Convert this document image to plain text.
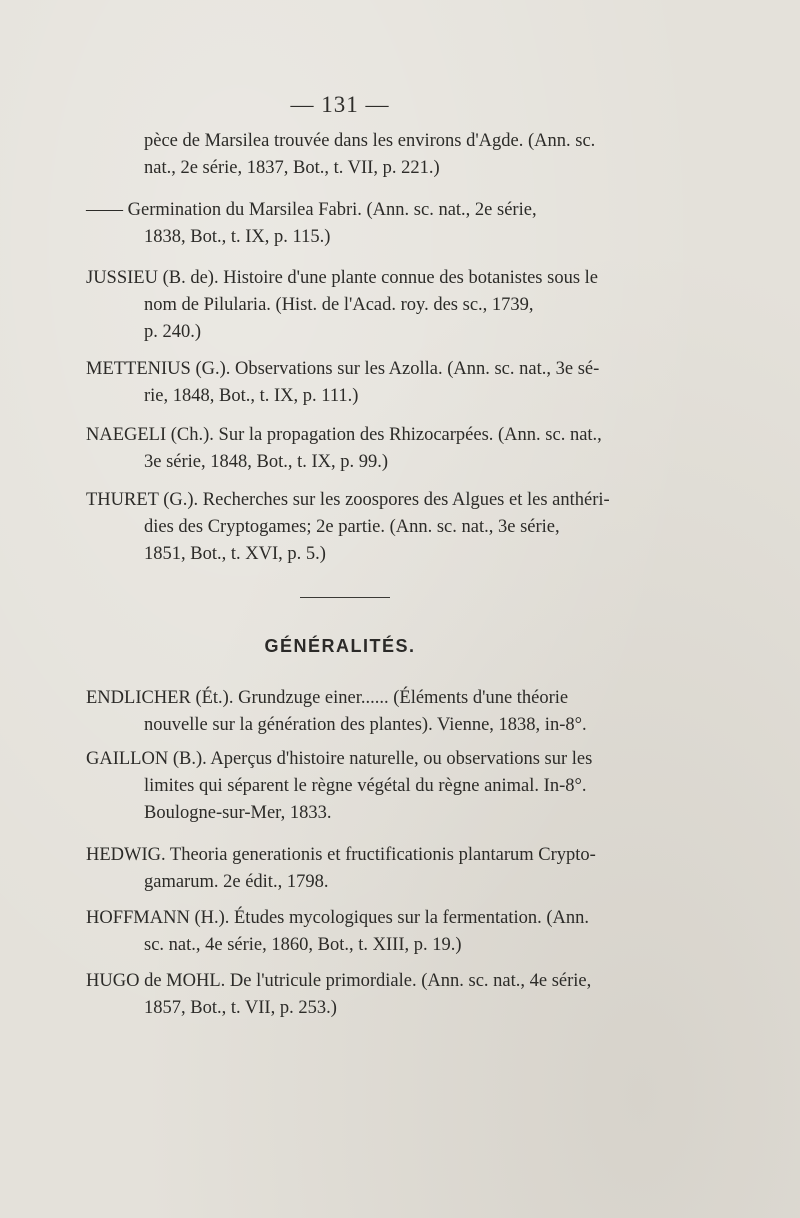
— 131 —
pèce de Marsilea trouvée dans les environs d'Agde. (Ann. sc.
nat., 2e série, 1837, Bot., t. VII, p. 221.)
—— Germination du Marsilea Fabri. (Ann. sc. nat., 2e série,
1838, Bot., t. IX, p. 115.)
JUSSIEU (B. de). Histoire d'une plante connue des botanistes sous le
nom de Pilularia. (Hist. de l'Acad. roy. des sc., 1739,
p. 240.)
METTENIUS (G.). Observations sur les Azolla. (Ann. sc. nat., 3e sé-
rie, 1848, Bot., t. IX, p. 111.)
NAEGELI (Ch.). Sur la propagation des Rhizocarpées. (Ann. sc. nat.,
3e série, 1848, Bot., t. IX, p. 99.)
THURET (G.). Recherches sur les zoospores des Algues et les anthéri-
dies des Cryptogames; 2e partie. (Ann. sc. nat., 3e série,
1851, Bot., t. XVI, p. 5.)
GÉNÉRALITÉS.
ENDLICHER (Ét.). Grundzuge einer...... (Éléments d'une théorie
nouvelle sur la génération des plantes). Vienne, 1838, in-8°.
GAILLON (B.). Aperçus d'histoire naturelle, ou observations sur les
limites qui séparent le règne végétal du règne animal. In-8°.
Boulogne-sur-Mer, 1833.
HEDWIG. Theoria generationis et fructificationis plantarum Crypto-
gamarum. 2e édit., 1798.
HOFFMANN (H.). Études mycologiques sur la fermentation. (Ann.
sc. nat., 4e série, 1860, Bot., t. XIII, p. 19.)
HUGO de MOHL. De l'utricule primordiale. (Ann. sc. nat., 4e série,
1857, Bot., t. VII, p. 253.)
